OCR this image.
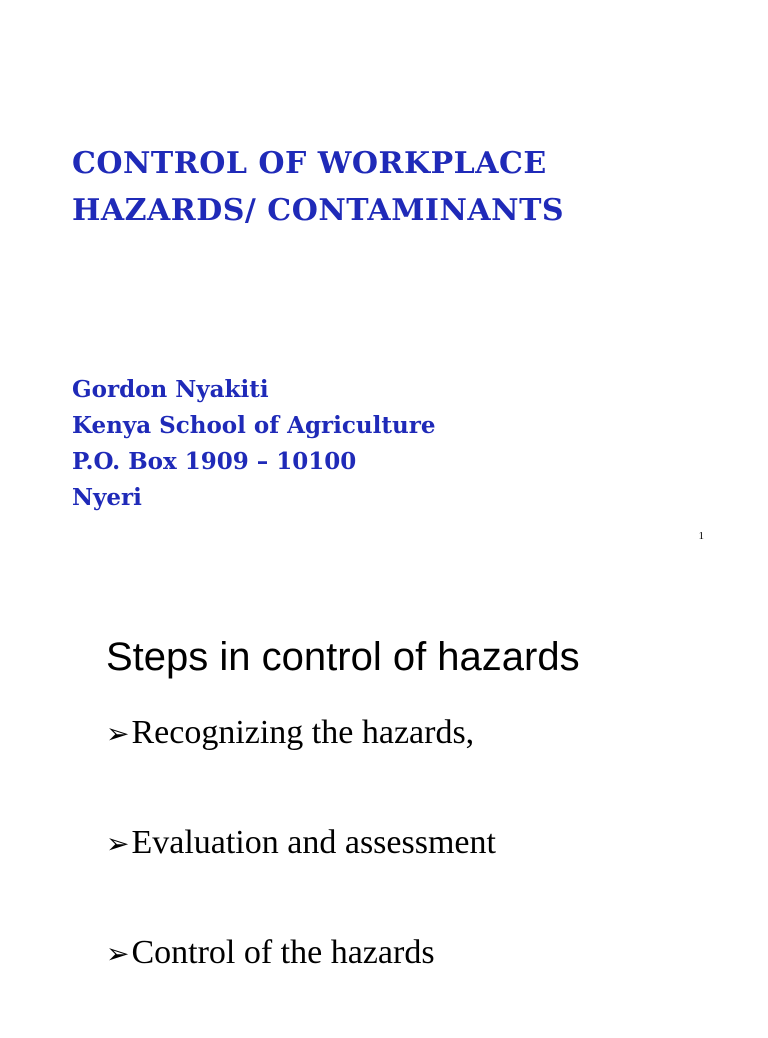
CONTROL OF WORKPLACE
HAZARDS/ CONTAMINANTS
Gordon Nyakiti
Kenya School of Agriculture
P.O. Box 1909 – 10100
Nyeri
1
Steps in control of hazards
➢Recognizing the hazards,
➢Evaluation and assessment
➢Control of the hazards
